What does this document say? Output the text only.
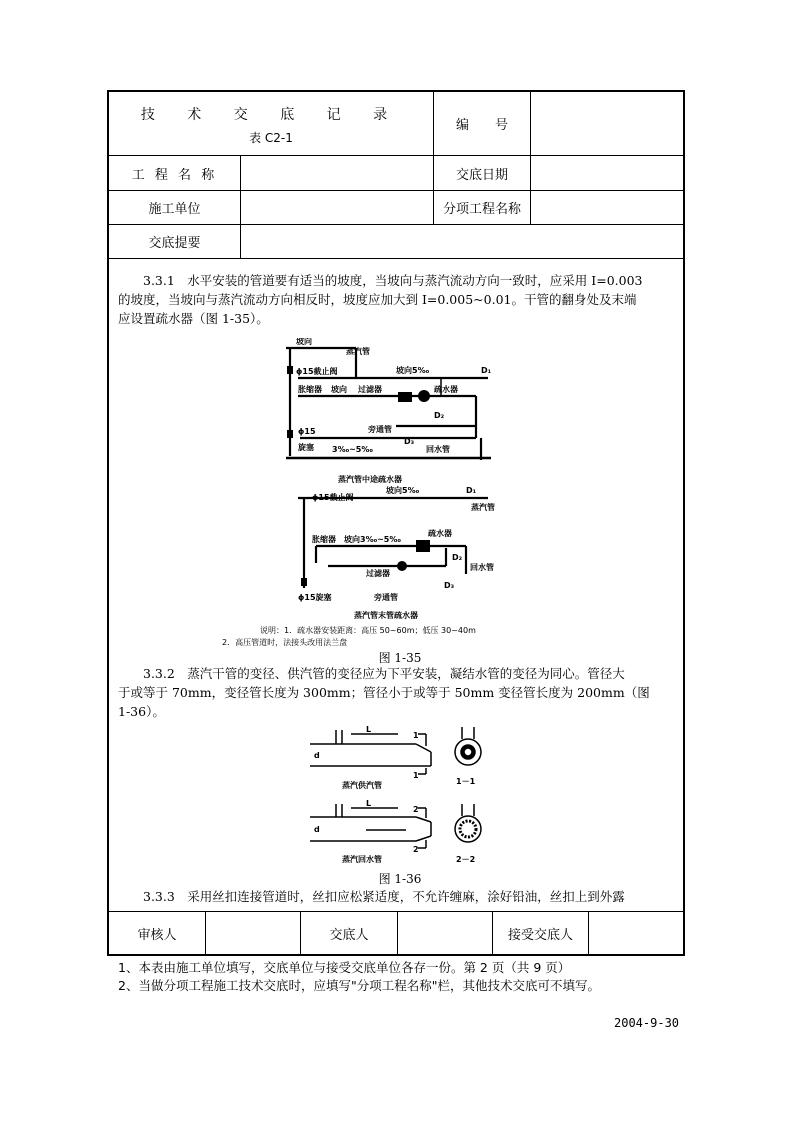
技 术 交 底 记 录
表 C2-1
编　　号
工 程 名 称	交底日期
施工单位	分项工程名称
交底提要
　　3.3.1　水平安装的管道要有适当的坡度，当坡向与蒸汽流动方向一致时，应采用 I=0.003
的坡度，当坡向与蒸汽流动方向相反时，坡度应加大到 I=0.005~0.01。干管的翻身处及末端
应设置疏水器（图 1-35）。
坡向
蒸汽管
坡向5‰	D₁
ϕ15截止阀
胀缩器 坡向 过滤器	疏水器
D₂
ϕ15
旋塞
旁通管
D₃
3‰~5‰	回水管
蒸汽管中途疏水器
ϕ15截止阀
坡向5‰	D₁
蒸汽管
胀缩器 坡向3‰~5‰
疏水器
D₂
回水管
过滤器
D₃
ϕ15旋塞	旁通管
蒸汽管末管疏水器
说明：1．疏水器安装距离：高压 50~60m；低压 30~40m
2．高压管道时，法接头改用法兰盘
图 1-35
　　3.3.2　蒸汽干管的变径、供汽管的变径应为下平安装，凝结水管的变径为同心。管径大
于或等于 70mm，变径管长度为 300mm；管径小于或等于 50mm 变径管长度为 200mm（图
1-36）。
L
1
1
d
蒸汽供汽管	1－1
L
2
2
d
蒸汽回水管	2－2
图 1-36
　　3.3.3　采用丝扣连接管道时，丝扣应松紧适度，不允许缠麻，涂好铅油，丝扣上到外露
审核人	交底人	接受交底人
1、本表由施工单位填写，交底单位与接受交底单位各存一份。第 2 页（共 9 页）
2、当做分项工程施工技术交底时，应填写"分项工程名称"栏，其他技术交底可不填写。
2004-9-30
